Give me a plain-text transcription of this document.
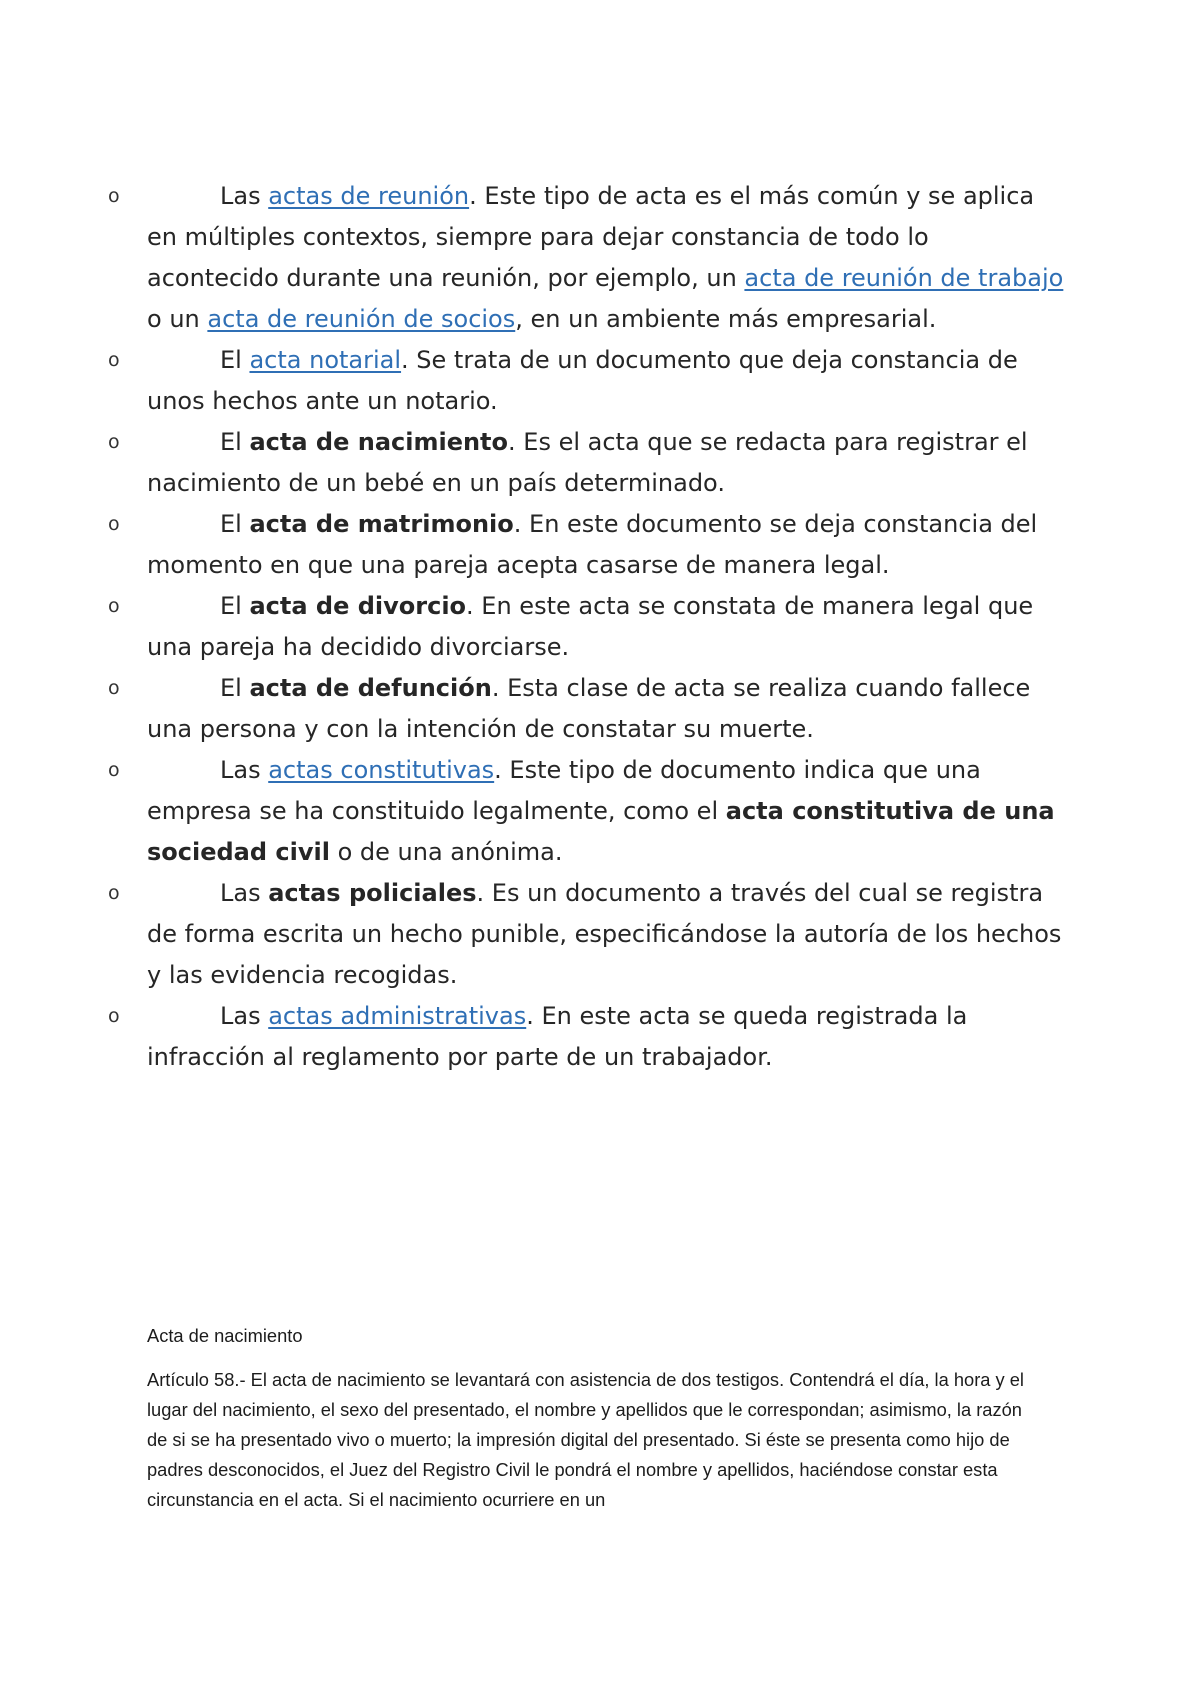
o	Las actas de reunión. Este tipo de acta es el más común y se aplica en múltiples contextos, siempre para dejar constancia de todo lo acontecido durante una reunión, por ejemplo, un acta de reunión de trabajo o un acta de reunión de socios, en un ambiente más empresarial.
o	El acta notarial. Se trata de un documento que deja constancia de unos hechos ante un notario.
o	El acta de nacimiento. Es el acta que se redacta para registrar el nacimiento de un bebé en un país determinado.
o	El acta de matrimonio. En este documento se deja constancia del momento en que una pareja acepta casarse de manera legal.
o	El acta de divorcio. En este acta se constata de manera legal que una pareja ha decidido divorciarse.
o	El acta de defunción. Esta clase de acta se realiza cuando fallece una persona y con la intención de constatar su muerte.
o	Las actas constitutivas. Este tipo de documento indica que una empresa se ha constituido legalmente, como el acta constitutiva de una sociedad civil o de una anónima.
o	Las actas policiales. Es un documento a través del cual se registra de forma escrita un hecho punible, especificándose la autoría de los hechos y las evidencia recogidas.
o	Las actas administrativas. En este acta se queda registrada la infracción al reglamento por parte de un trabajador.

Acta de nacimiento

Artículo 58.- El acta de nacimiento se levantará con asistencia de dos testigos. Contendrá el día, la hora y el lugar del nacimiento, el sexo del presentado, el nombre y apellidos que le correspondan; asimismo, la razón de si se ha presentado vivo o muerto; la impresión digital del presentado. Si éste se presenta como hijo de padres desconocidos, el Juez del Registro Civil le pondrá el nombre y apellidos, haciéndose constar esta circunstancia en el acta. Si el nacimiento ocurriere en un
